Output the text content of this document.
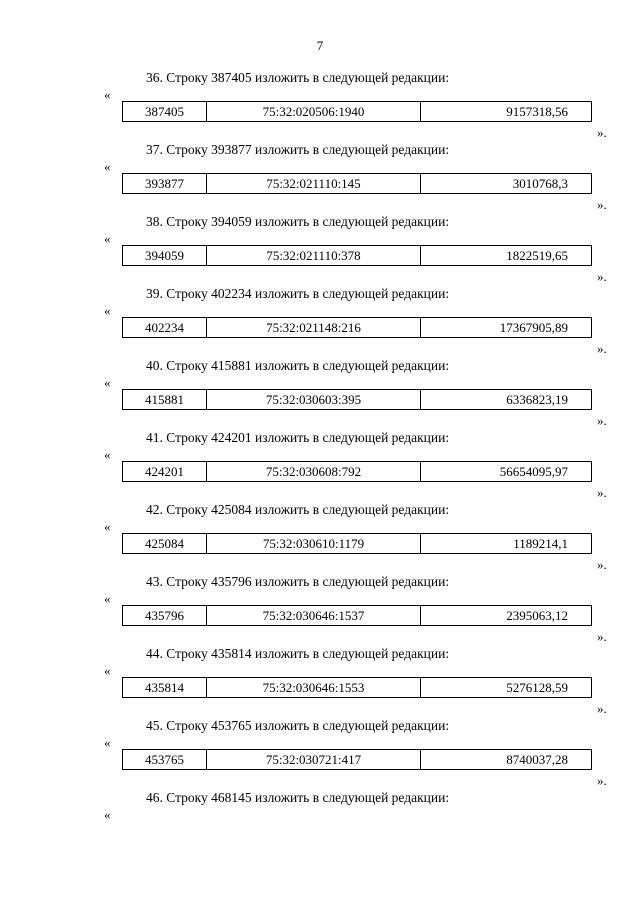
7
36. Строку 387405 изложить в следующей редакции:
«
387405	75:32:020506:1940	9157318,56
».
37. Строку 393877 изложить в следующей редакции:
«
393877	75:32:021110:145	3010768,3
».
38. Строку 394059 изложить в следующей редакции:
«
394059	75:32:021110:378	1822519,65
».
39. Строку 402234 изложить в следующей редакции:
«
402234	75:32:021148:216	17367905,89
».
40. Строку 415881 изложить в следующей редакции:
«
415881	75:32:030603:395	6336823,19
».
41. Строку 424201 изложить в следующей редакции:
«
424201	75:32:030608:792	56654095,97
».
42. Строку 425084 изложить в следующей редакции:
«
425084	75:32:030610:1179	1189214,1
».
43. Строку 435796 изложить в следующей редакции:
«
435796	75:32:030646:1537	2395063,12
».
44. Строку 435814 изложить в следующей редакции:
«
435814	75:32:030646:1553	5276128,59
».
45. Строку 453765 изложить в следующей редакции:
«
453765	75:32:030721:417	8740037,28
».
46. Строку 468145 изложить в следующей редакции:
«
